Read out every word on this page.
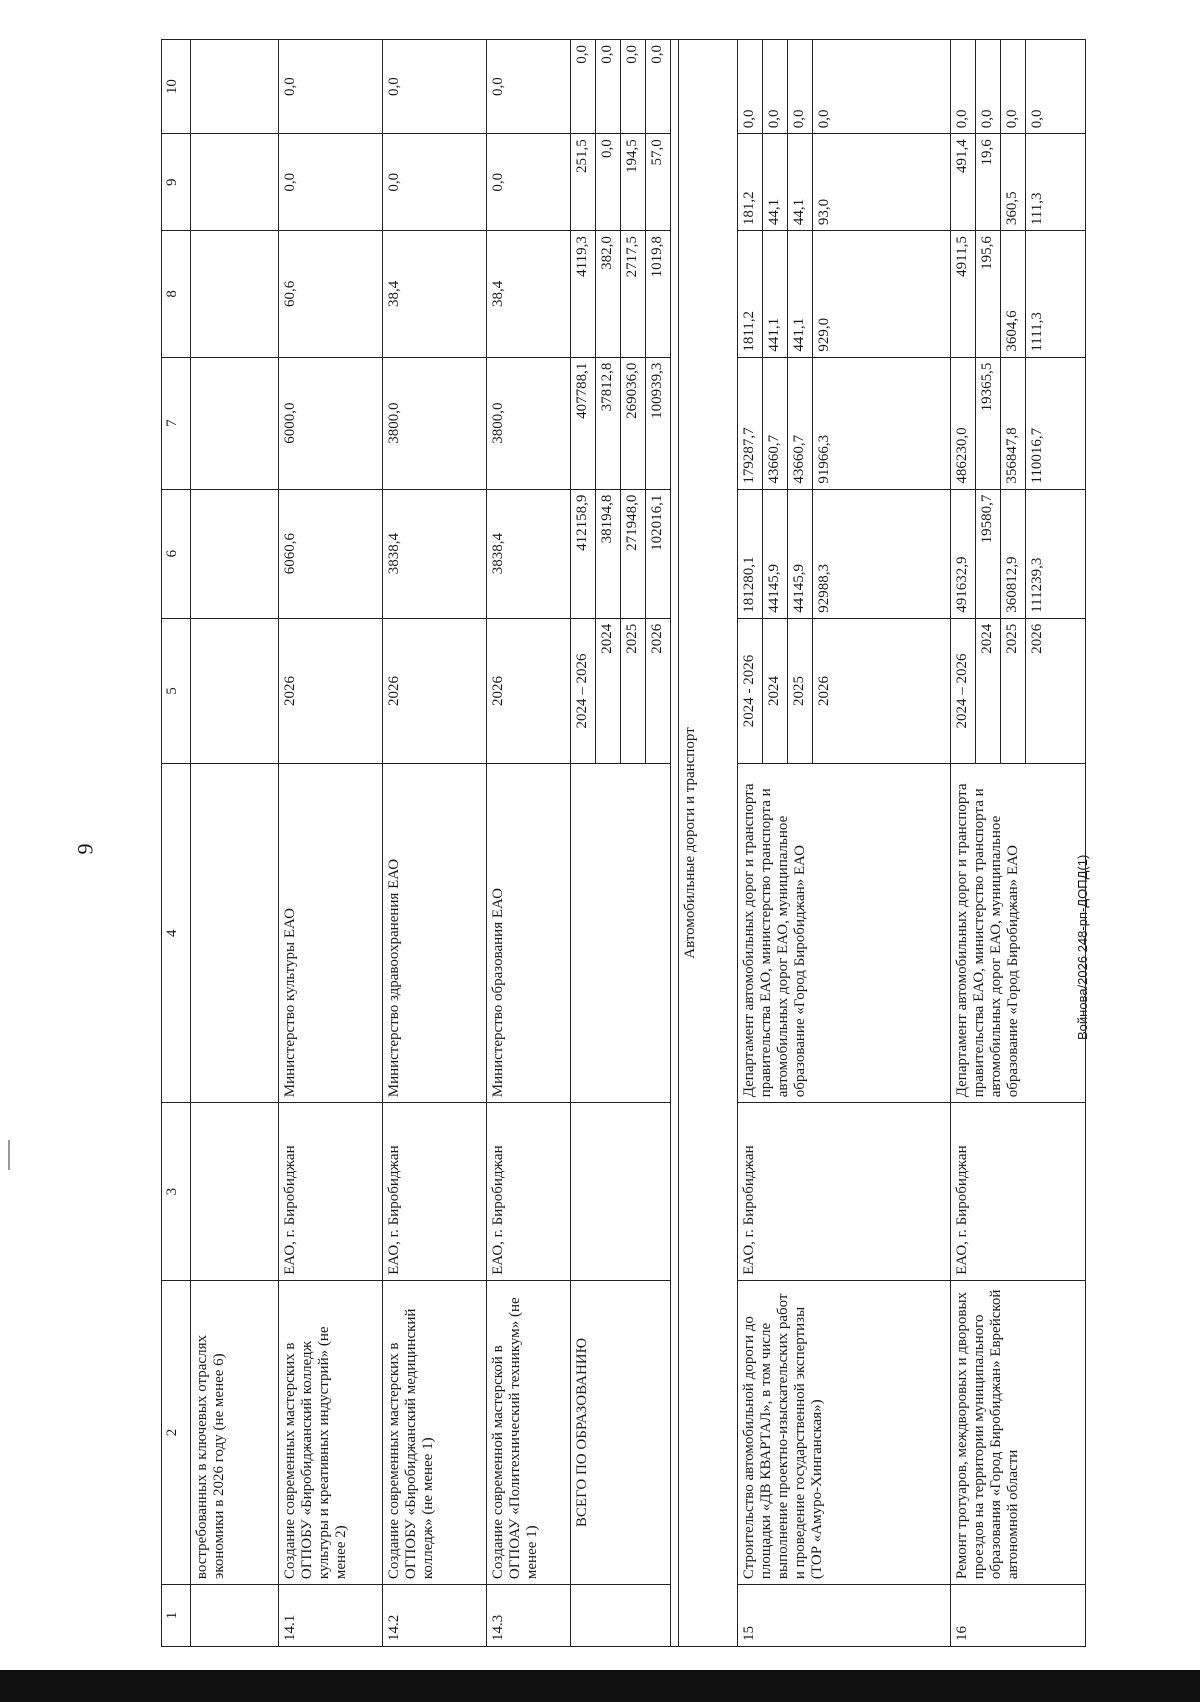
9
Войнова/2026 248-рп-ДОПД(1)
1	2	3	4	5	6	7	8	9	10
	востребованных в ключевых отраслях экономики в 2026 году (не менее 6)								
14.1	Создание современных мастерских в ОГПОБУ «Биробиджанский колледж культуры и креативных индустрий» (не менее 2)	ЕАО, г. Биробиджан	Министерство культуры ЕАО	2026	6060,6	6000,0	60,6	0,0	0,0
14.2	Создание современных мастерских в ОГПОБУ «Биробиджанский медицинский колледж» (не менее 1)	ЕАО, г. Биробиджан	Министерство здравоохранения ЕАО	2026	3838,4	3800,0	38,4	0,0	0,0
14.3	Создание современной мастерской в ОГПОАУ «Политехнический техникум» (не менее 1)	ЕАО, г. Биробиджан	Министерство образования ЕАО	2026	3838,4	3800,0	38,4	0,0	0,0
	ВСЕГО ПО ОБРАЗОВАНИЮ			2024 – 2026	412158,9	407788,1	4119,3	251,5	0,0
				2024	38194,8	37812,8	382,0	0,0	0,0
				2025	271948,0	269036,0	2717,5	194,5	0,0
				2026	102016,1	100939,3	1019,8	57,0	0,0

Автомобильные дороги и транспорт									
15	Строительство автомобильной дороги до площадки «ДВ КВАРТАЛ», в том числе выполнение проектно-изыскательских работ и проведение государственной экспертизы (ТОР «Амуро-Хинганская»)	ЕАО, г. Биробиджан	Департамент автомобильных дорог и транспорта правительства ЕАО, министерство транспорта и автомобильных дорог ЕАО, муниципальное образование «Город Биробиджан» ЕАО	2024 - 2026	181280,1	179287,7	1811,2	181,2	0,0
				2024	44145,9	43660,7	441,1	44,1	0,0
				2025	44145,9	43660,7	441,1	44,1	0,0
				2026	92988,3	91966,3	929,0	93,0	0,0
16	Ремонт тротуаров, междворовых и дворовых проездов на территории муниципального образования «Город Биробиджан» Еврейской автономной области	ЕАО, г. Биробиджан	Департамент автомобильных дорог и транспорта правительства ЕАО, министерство транспорта и автомобильных дорог ЕАО, муниципальное образование «Город Биробиджан» ЕАО	2024 – 2026	491632,9	486230,0	4911,5	491,4	0,0
				2024	19580,7	19365,5	195,6	19,6	0,0
				2025	360812,9	356847,8	3604,6	360,5	0,0
				2026	111239,3	110016,7	1111,3	111,3	0,0
